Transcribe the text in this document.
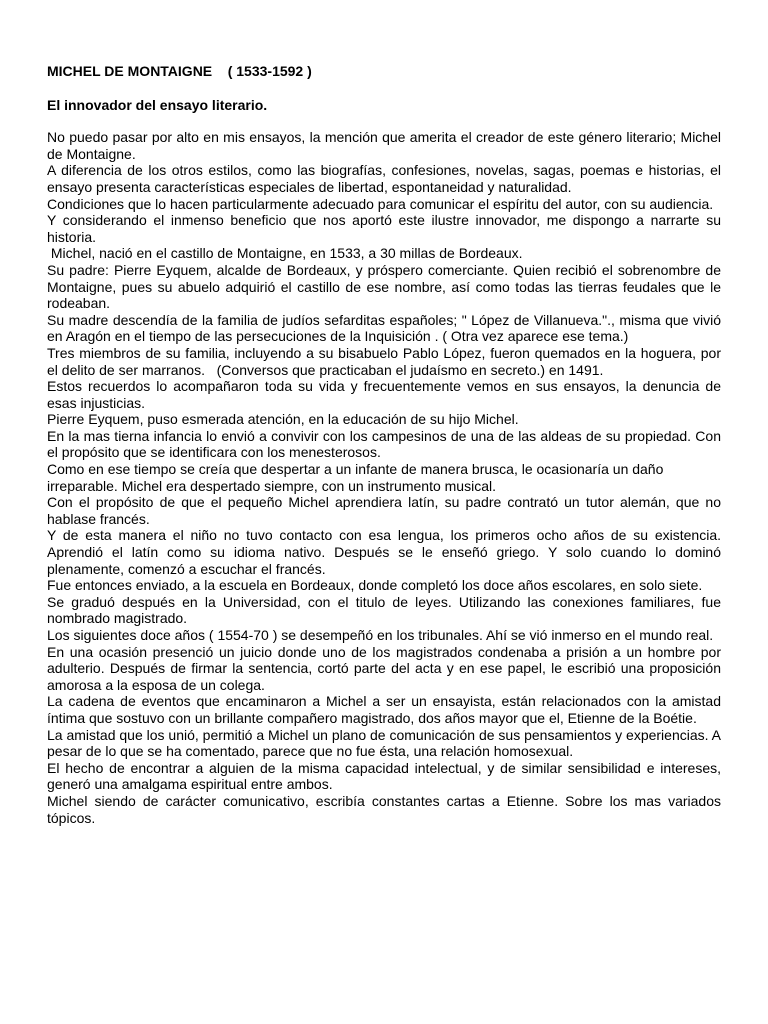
MICHEL DE MONTAIGNE ( 1533-1592 )

El innovador del ensayo literario.

No puedo pasar por alto en mis ensayos, la mención que amerita el creador de este género literario; Michel de Montaigne.

A diferencia de los otros estilos, como las biografías, confesiones, novelas, sagas, poemas e historias, el ensayo presenta características especiales de libertad, espontaneidad y naturalidad.

Condiciones que lo hacen particularmente adecuado para comunicar el espíritu del autor, con su audiencia.

Y considerando el inmenso beneficio que nos aportó este ilustre innovador, me dispongo a narrarte su historia.

Michel, nació en el castillo de Montaigne, en 1533, a 30 millas de Bordeaux.

Su padre: Pierre Eyquem, alcalde de Bordeaux, y próspero comerciante. Quien recibió el sobrenombre de Montaigne, pues su abuelo adquirió el castillo de ese nombre, así como todas las tierras feudales que le rodeaban.

Su madre descendía de la familia de judíos sefarditas españoles; " López de Villanueva."., misma que vivió en Aragón en el tiempo de las persecuciones de la Inquisición . ( Otra vez aparece ese tema.)

Tres miembros de su familia, incluyendo a su bisabuelo Pablo López, fueron quemados en la hoguera, por el delito de ser marranos.   (Conversos que practicaban el judaísmo en secreto.) en 1491.

Estos recuerdos lo acompañaron toda su vida y frecuentemente vemos en sus ensayos, la denuncia de esas injusticias.

Pierre Eyquem, puso esmerada atención, en la educación de su hijo Michel.

En la mas tierna infancia lo envió a convivir con los campesinos de una de las aldeas de su propiedad. Con el propósito que se identificara con los menesterosos.

Como en ese tiempo se creía que despertar a un infante de manera brusca, le ocasionaría un daño

irreparable. Michel era despertado siempre, con un instrumento musical.

Con el propósito de que el pequeño Michel aprendiera latín, su padre contrató un tutor alemán, que no hablase francés.

Y de esta manera el niño no tuvo contacto con esa lengua, los primeros ocho años de su existencia. Aprendió el latín como su idioma nativo. Después se le enseñó griego. Y solo cuando lo dominó plenamente, comenzó a escuchar el francés.

Fue entonces enviado, a la escuela en Bordeaux, donde completó los doce años escolares, en solo siete.

Se graduó después en la Universidad, con el titulo de leyes. Utilizando las conexiones familiares, fue nombrado magistrado.

Los siguientes doce años ( 1554-70 ) se desempeñó en los tribunales. Ahí se vió inmerso en el mundo real.

En una ocasión presenció un juicio donde uno de los magistrados condenaba a prisión a un hombre por adulterio. Después de firmar la sentencia, cortó parte del acta y en ese papel, le escribió una proposición amorosa a la esposa de un colega.

La cadena de eventos que encaminaron a Michel a ser un ensayista, están relacionados con la amistad íntima que sostuvo con un brillante compañero magistrado, dos años mayor que el, Etienne de la Boétie.

La amistad que los unió, permitió a Michel un plano de comunicación de sus pensamientos y experiencias. A pesar de lo que se ha comentado, parece que no fue ésta, una relación homosexual.

El hecho de encontrar a alguien de la misma capacidad intelectual, y de similar sensibilidad e intereses, generó una amalgama espiritual entre ambos.

Michel siendo de carácter comunicativo, escribía constantes cartas a Etienne. Sobre los mas variados tópicos.
